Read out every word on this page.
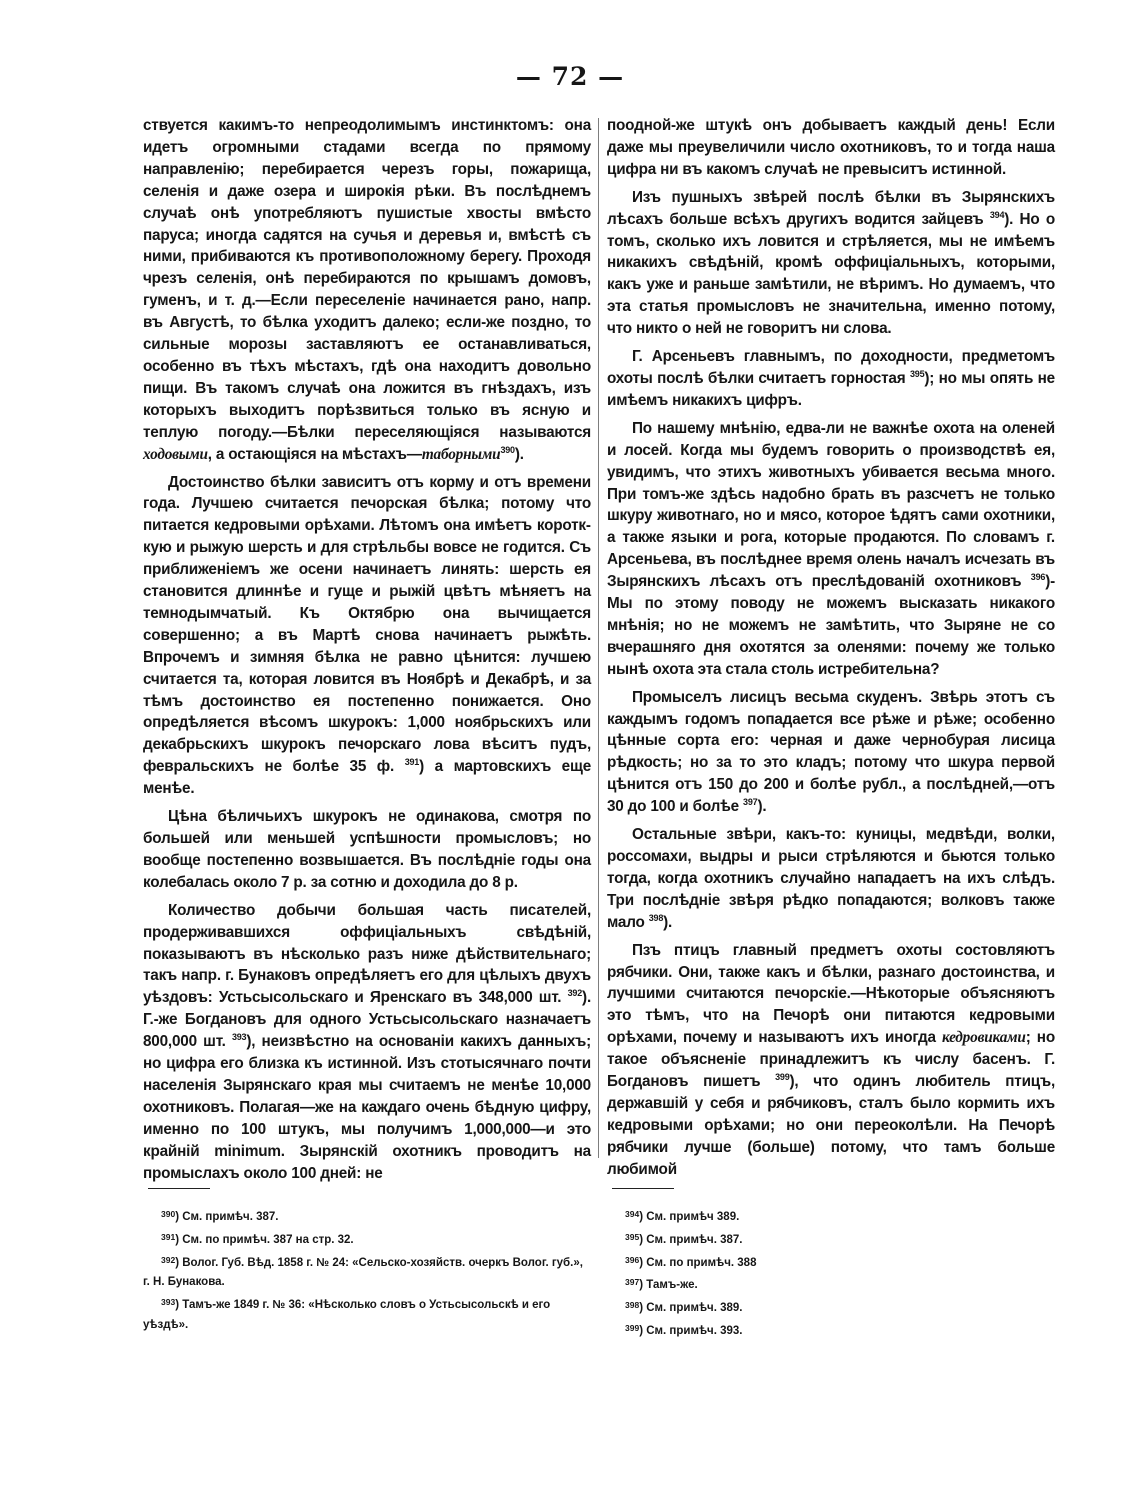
— 72 —

ствуется какимъ-то непреодолимымъ инстинктомъ: она идетъ огромными стадами всегда по прямому направленію; перебирается черезъ горы, пожарища, селенія и даже озера и широкія рѣки. Въ послѣднемъ случаѣ онѣ употребляютъ пушистые хвосты вмѣсто паруса; иногда садятся на сучья и деревья и, вмѣстѣ съ ними, прибиваются къ противоположному берегу. Проходя чрезъ селенія, онѣ перебираются по крышамъ домовъ, гуменъ, и т. д.—Если переселеніе начинается рано, напр. въ Августѣ, то бѣлка уходитъ далеко; если-же поздно, то сильные морозы заставляютъ ее останавливаться, особенно въ тѣхъ мѣстахъ, гдѣ она находитъ довольно пищи. Въ такомъ случаѣ она ложится въ гнѣздахъ, изъ которыхъ выходитъ порѣзвиться только въ ясную и теплую погоду.—Бѣлки переселяющіяся называются ходовыми, а остающіяся на мѣстахъ—таборными$^{390}$).

Достоинство бѣлки зависитъ отъ корму и отъ времени года. Лучшею считается печорская бѣлка; потому что питается кедровыми орѣхами. Лѣтомъ она имѣетъ коротккую и рыжую шерсть и для стрѣльбы вовсе не годится. Съ приближеніемъ же осени начинаетъ линять: шерсть ея становится длиннѣе и гуще и рыжій цвѣтъ мѣняетъ на темнодымчатый. Къ Октябрю она вычищается совершенно; а въ Мартѣ снова начинаетъ рыжѣть. Впрочемъ и зимняя бѣлка не равно цѣнится: лучшею считается та, которая ловится въ Ноябрѣ и Декабрѣ, и за тѣмъ достоинство ея постепенно понижается. Оно опредѣляется вѣсомъ шкурокъ: 1,000 ноябрьскихъ или декабрьскихъ шкурокъ печорскаго лова вѣситъ пудъ, февральскихъ не болѣе 35 ф. $^{391}$) а мартовскихъ еще менѣе.

Цѣна бѣличьихъ шкурокъ не одинакова, смотря по большей или меньшей успѣшности промысловъ; но вообще постепенно возвышается. Въ послѣдніе годы она колебалась около 7 р. за сотню и доходила до 8 р.

Количество добычи большая часть писателей, продерживавшихся оффиціальныхъ свѣдѣній, показываютъ въ нѣсколько разъ ниже дѣйствительнаго; такъ напр. г. Бунаковъ опредѣляетъ его для цѣлыхъ двухъ уѣздовъ: Устьсысольскаго и Яренскаго въ 348,000 шт. $^{392}$). Г.-же Богдановъ для одного Устьсысольскаго назначаетъ 800,000 шт. $^{393}$), неизвѣстно на основаніи какихъ данныхъ; но цифра его близка къ истинной. Изъ стотысячнаго почти населенія Зырянскаго края мы считаемъ не менѣе 10,000 охотниковъ. Полагая—же на каждаго очень бѣдную цифру, именно по 100 штукъ, мы получимъ 1,000,000—и это крайній minimum. Зырянскій охотникъ проводитъ на промыслахъ около 100 дней: не

поодной-же штукѣ онъ добываетъ каждый день! Если даже мы преувеличили число охотниковъ, то и тогда наша цифра ни въ какомъ случаѣ не превыситъ истинной.

Изъ пушныхъ звѣрей послѣ бѣлки въ Зырянскихъ лѣсахъ больше всѣхъ другихъ водится зайцевъ $^{394}$). Но о томъ, сколько ихъ ловится и стрѣляется, мы не имѣемъ никакихъ свѣдѣній, кромѣ оффиціальныхъ, которыми, какъ уже и раньше замѣтили, не вѣримъ. Но думаемъ, что эта статья промысловъ не значительна, именно потому, что никто о ней не говоритъ ни слова.

Г. Арсеньевъ главнымъ, по доходности, предметомъ охоты послѣ бѣлки считаетъ горностая $^{395}$); но мы опять не имѣемъ никакихъ цифръ.

По нашему мнѣнію, едва-ли не важнѣе охота на оленей и лосей. Когда мы будемъ говорить о производствѣ ея, увидимъ, что этихъ животныхъ убивается весьма много. При томъ-же здѣсь надобно брать въ разсчетъ не только шкуру животнаго, но и мясо, которое ѣдятъ сами охотники, а также языки и рога, которые продаются. По словамъ г. Арсеньева, въ послѣднее время олень началъ исчезать въ Зырянскихъ лѣсахъ отъ преслѣдованій охотниковъ $^{396}$)- Мы по этому поводу не можемъ высказать никакого мнѣнія; но не можемъ не замѣтить, что Зыряне не со вчерашняго дня охотятся за оленями: почему же только нынѣ охота эта стала столь истребительна?

Промыселъ лисицъ весьма скуденъ. Звѣрь этотъ съ каждымъ годомъ попадается все рѣже и рѣже; особенно цѣнные сорта его: черная и даже чернобурая лисица рѣдкость; но за то это кладъ; потому что шкура первой цѣнится отъ 150 до 200 и болѣе рубл., а послѣдней,—отъ 30 до 100 и болѣе $^{397}$).

Остальные звѣри, какъ-то: куницы, медвѣди, волки, россомахи, выдры и рыси стрѣляются и бьются только тогда, когда охотникъ случайно нападаетъ на ихъ слѣдъ. Три послѣдніе звѣря рѣдко попадаются; волковъ также мало $^{398}$).

Пзъ птицъ главный предметъ охоты состовляютъ рябчики. Они, также какъ и бѣлки, разнаго достоинства, и лучшими считаются печорскіе.—Нѣкоторые объясняютъ это тѣмъ, что на Печорѣ они питаются кедровыми орѣхами, почему и называютъ ихъ иногда кедровиками; но такое объясненіе принадлежитъ къ числу басенъ. Г. Богдановъ пишетъ $^{399}$), что одинъ любитель птицъ, державшій у себя и рябчиковъ, сталъ было кормить ихъ кедровыми орѣхами; но они переоколѣли. На Печорѣ рябчики лучше (больше) потому, что тамъ больше любимой

$^{390}$) См. примѣч. 387.

$^{391}$) См. по примѣч. 387 на стр. 32.

$^{392}$) Волог. Губ. Вѣд. 1858 г. № 24: «Сельско-хозяйств. очеркъ Волог. губ.», г. Н. Бунакова.

$^{393}$) Тамъ-же 1849 г. № 36: «Нѣсколько словъ о Устьсысольскѣ и его уѣздѣ».

$^{394}$) См. примѣч 389.

$^{395}$) См. примѣч. 387.

$^{396}$) См. по примѣч. 388

$^{397}$) Тамъ-же.

$^{398}$) См. примѣч. 389.

$^{399}$) См. примѣч. 393.
